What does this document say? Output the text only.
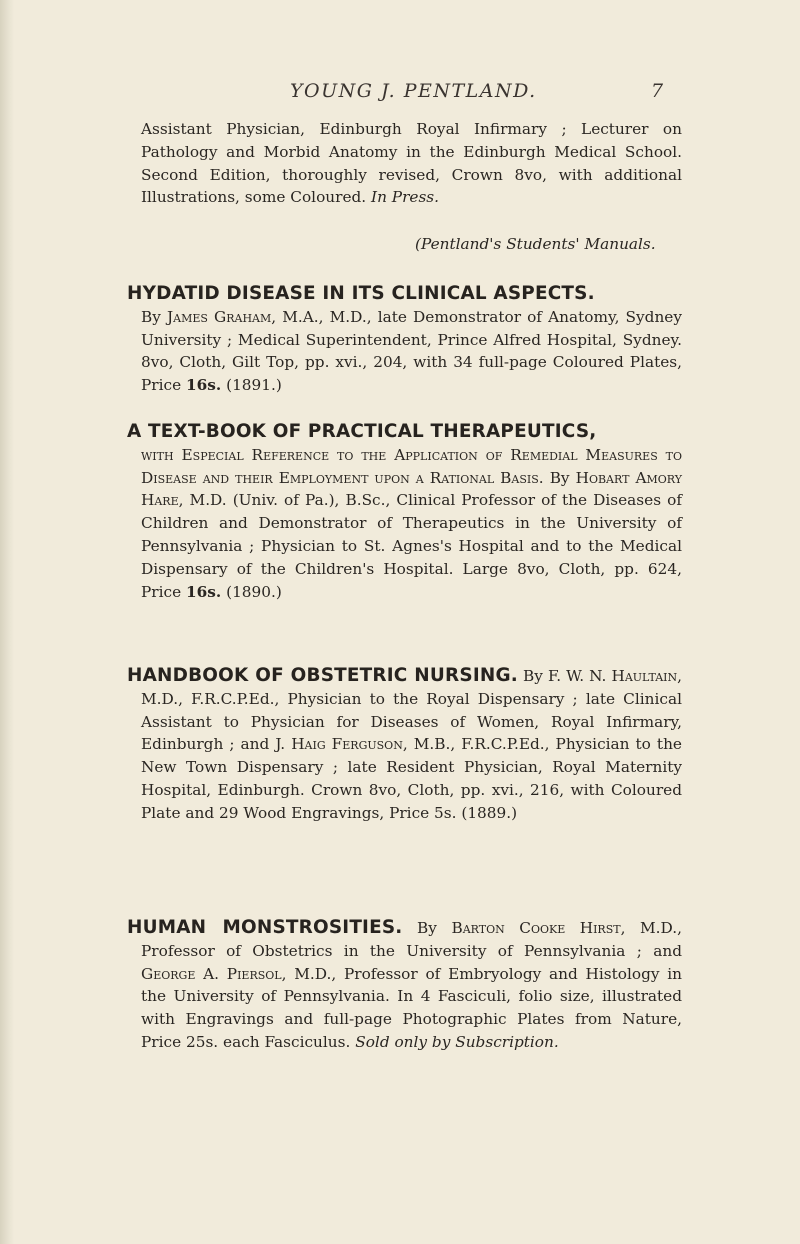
YOUNG J. PENTLAND.	7

Assistant Physician, Edinburgh Royal Infirmary ; Lecturer on Pathology and Morbid Anatomy in the Edinburgh Medical School. Second Edition, thoroughly revised, Crown 8vo, with additional Illustrations, some Coloured. In Press.

(Pentland's Students' Manuals.

HYDATID DISEASE IN ITS CLINICAL ASPECTS.
By James Graham, M.A., M.D., late Demonstrator of Anatomy, Sydney University ; Medical Superintendent, Prince Alfred Hospital, Sydney. 8vo, Cloth, Gilt Top, pp. xvi., 204, with 34 full-page Coloured Plates, Price 16s. (1891.)

A TEXT-BOOK OF PRACTICAL THERAPEUTICS,
with Especial Reference to the Application of Remedial Measures to Disease and their Employment upon a Rational Basis. By Hobart Amory Hare, M.D. (Univ. of Pa.), B.Sc., Clinical Professor of the Diseases of Children and Demonstrator of Therapeutics in the University of Pennsylvania ; Physician to St. Agnes's Hospital and to the Medical Dispensary of the Children's Hospital. Large 8vo, Cloth, pp. 624, Price 16s. (1890.)

HANDBOOK OF OBSTETRIC NURSING. By F. W. N. Haultain, M.D., F.R.C.P.Ed., Physician to the Royal Dispensary ; late Clinical Assistant to Physician for Diseases of Women, Royal Infirmary, Edinburgh ; and J. Haig Ferguson, M.B., F.R.C.P.Ed., Physician to the New Town Dispensary ; late Resident Physician, Royal Maternity Hospital, Edinburgh. Crown 8vo, Cloth, pp. xvi., 216, with Coloured Plate and 29 Wood Engravings, Price 5s. (1889.)

HUMAN MONSTROSITIES. By Barton Cooke Hirst, M.D., Professor of Obstetrics in the University of Pennsylvania ; and George A. Piersol, M.D., Professor of Embryology and Histology in the University of Pennsylvania. In 4 Fasciculi, folio size, illustrated with Engravings and full-page Photographic Plates from Nature, Price 25s. each Fasciculus. Sold only by Subscription.
